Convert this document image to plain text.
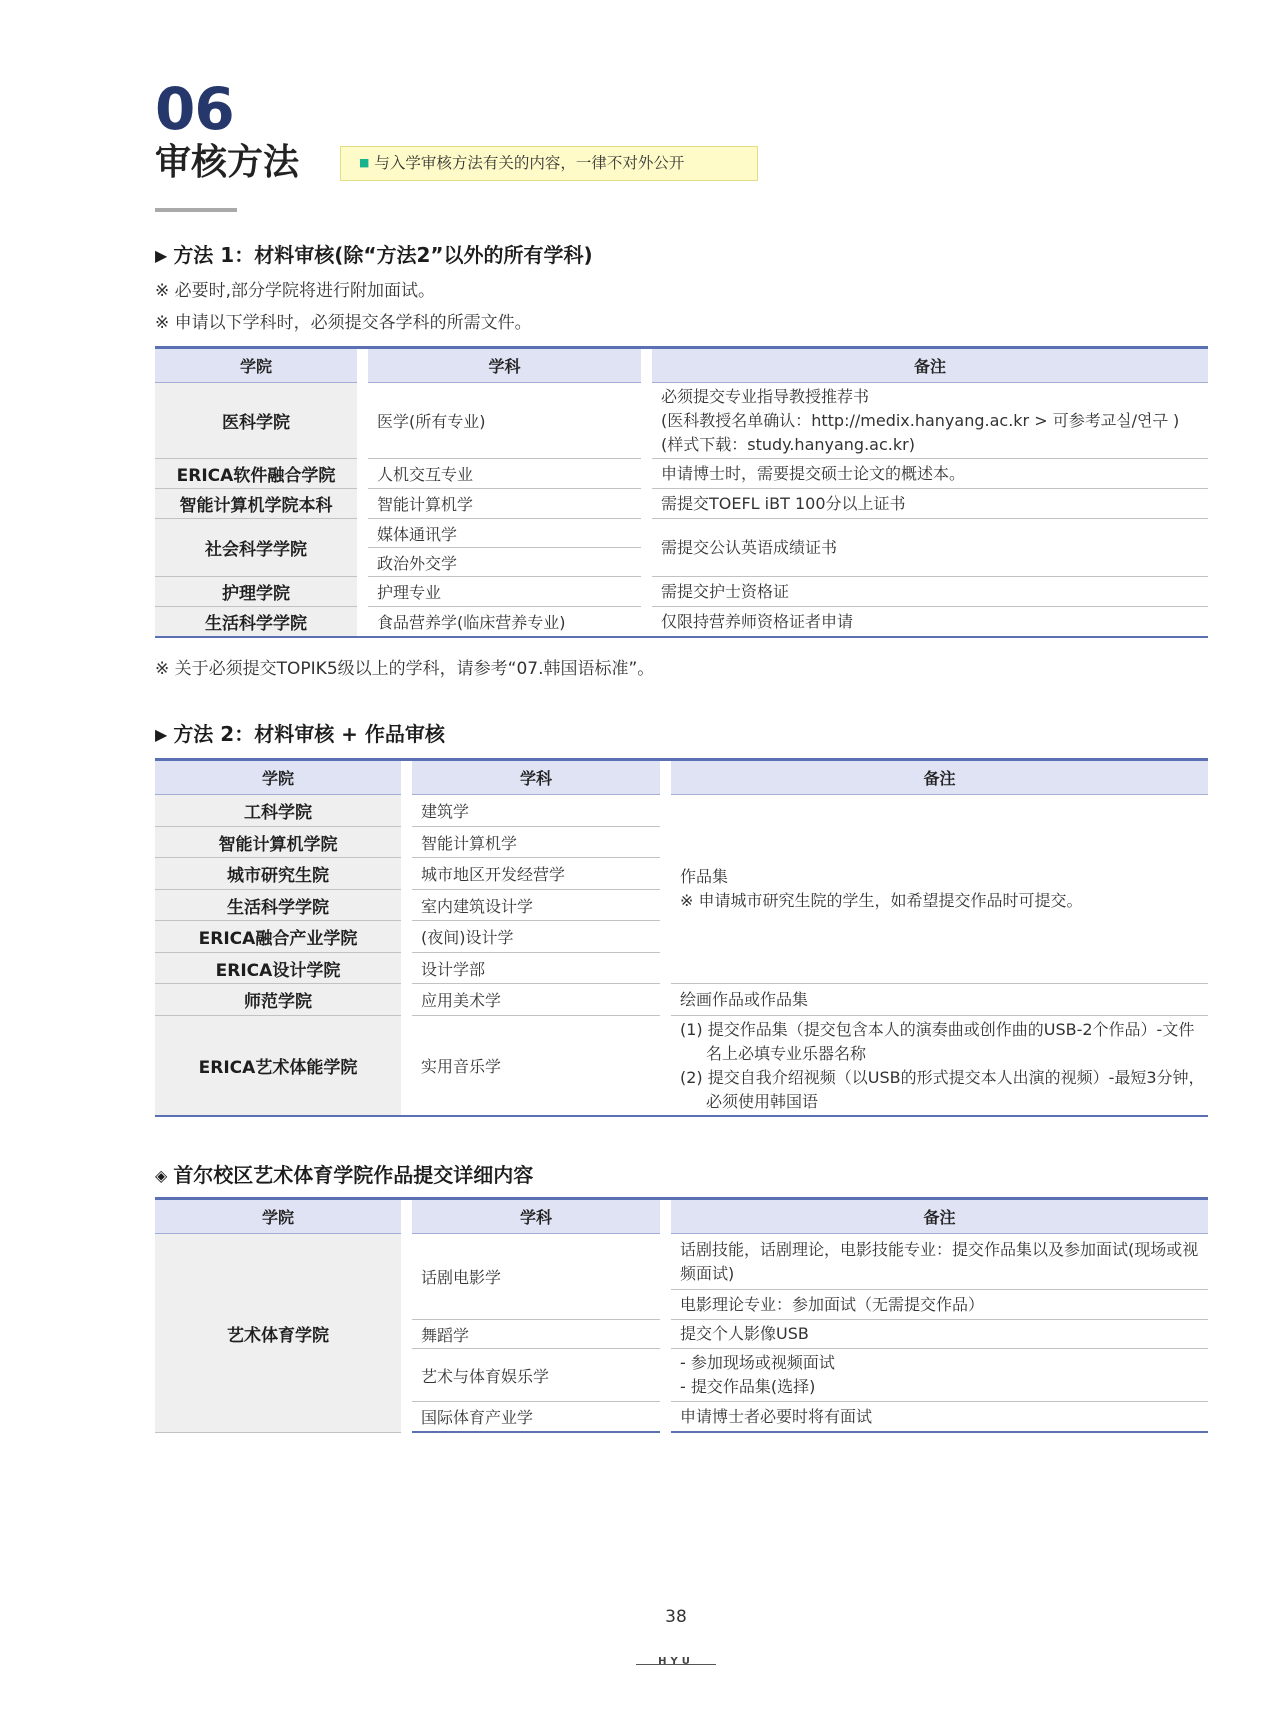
06
审核方法	■ 与入学审核方法有关的内容，一律不对外公开
▶ 方法 1：材料审核(除“方法2”以外的所有学科)
※ 必要时,部分学院将进行附加面试。
※ 申请以下学科时，必须提交各学科的所需文件。
学院		学科		备注
医科学院		医学(所有专业)		必须提交专业指导教授推荐书
(医科教授名单确认：http://medix.hanyang.ac.kr > 可参考교실/연구 )
(样式下载：study.hanyang.ac.kr)

ERICA软件融合学院		人机交互专业		申请博士时，需要提交硕士论文的概述本。
智能计算机学院本科		智能计算机学		需提交TOEFL iBT 100分以上证书
社会科学学院		媒体通讯学		需提交公认英语成绩证书
		政治外交学		
护理学院		护理专业		需提交护士资格证
生活科学学院		食品营养学(临床营养专业)		仅限持营养师资格证者申请
※ 关于必须提交TOPIK5级以上的学科，请参考“07.韩国语标准”。
▶ 方法 2：材料审核 + 作品审核
学院		学科		备注
工科学院		建筑学		作品集
※ 申请城市研究生院的学生，如希望提交作品时可提交。

智能计算机学院		智能计算机学		
城市研究生院		城市地区开发经营学		
生活科学学院		室内建筑设计学		
ERICA融合产业学院		(夜间)设计学		
ERICA设计学院		设计学部		
师范学院		应用美术学		绘画作品或作品集
ERICA艺术体能学院		实用音乐学		(1) 提交作品集（提交包含本人的演奏曲或创作曲的USB-2个作品）-文件名上必填专业乐器名称
(2) 提交自我介绍视频（以USB的形式提交本人出演的视频）-最短3分钟，必须使用韩国语
◈ 首尔校区艺术体育学院作品提交详细内容
学院		学科		备注
艺术体育学院		话剧电影学		话剧技能，话剧理论，电影技能专业：提交作品集以及参加面试(现场或视频面试)
				电影理论专业：参加面试（无需提交作品）
		舞蹈学		提交个人影像USB
		艺术与体育娱乐学		- 参加现场或视频面试
- 提交作品集(选择)

		国际体育产业学		申请博士者必要时将有面试
38
HYU
